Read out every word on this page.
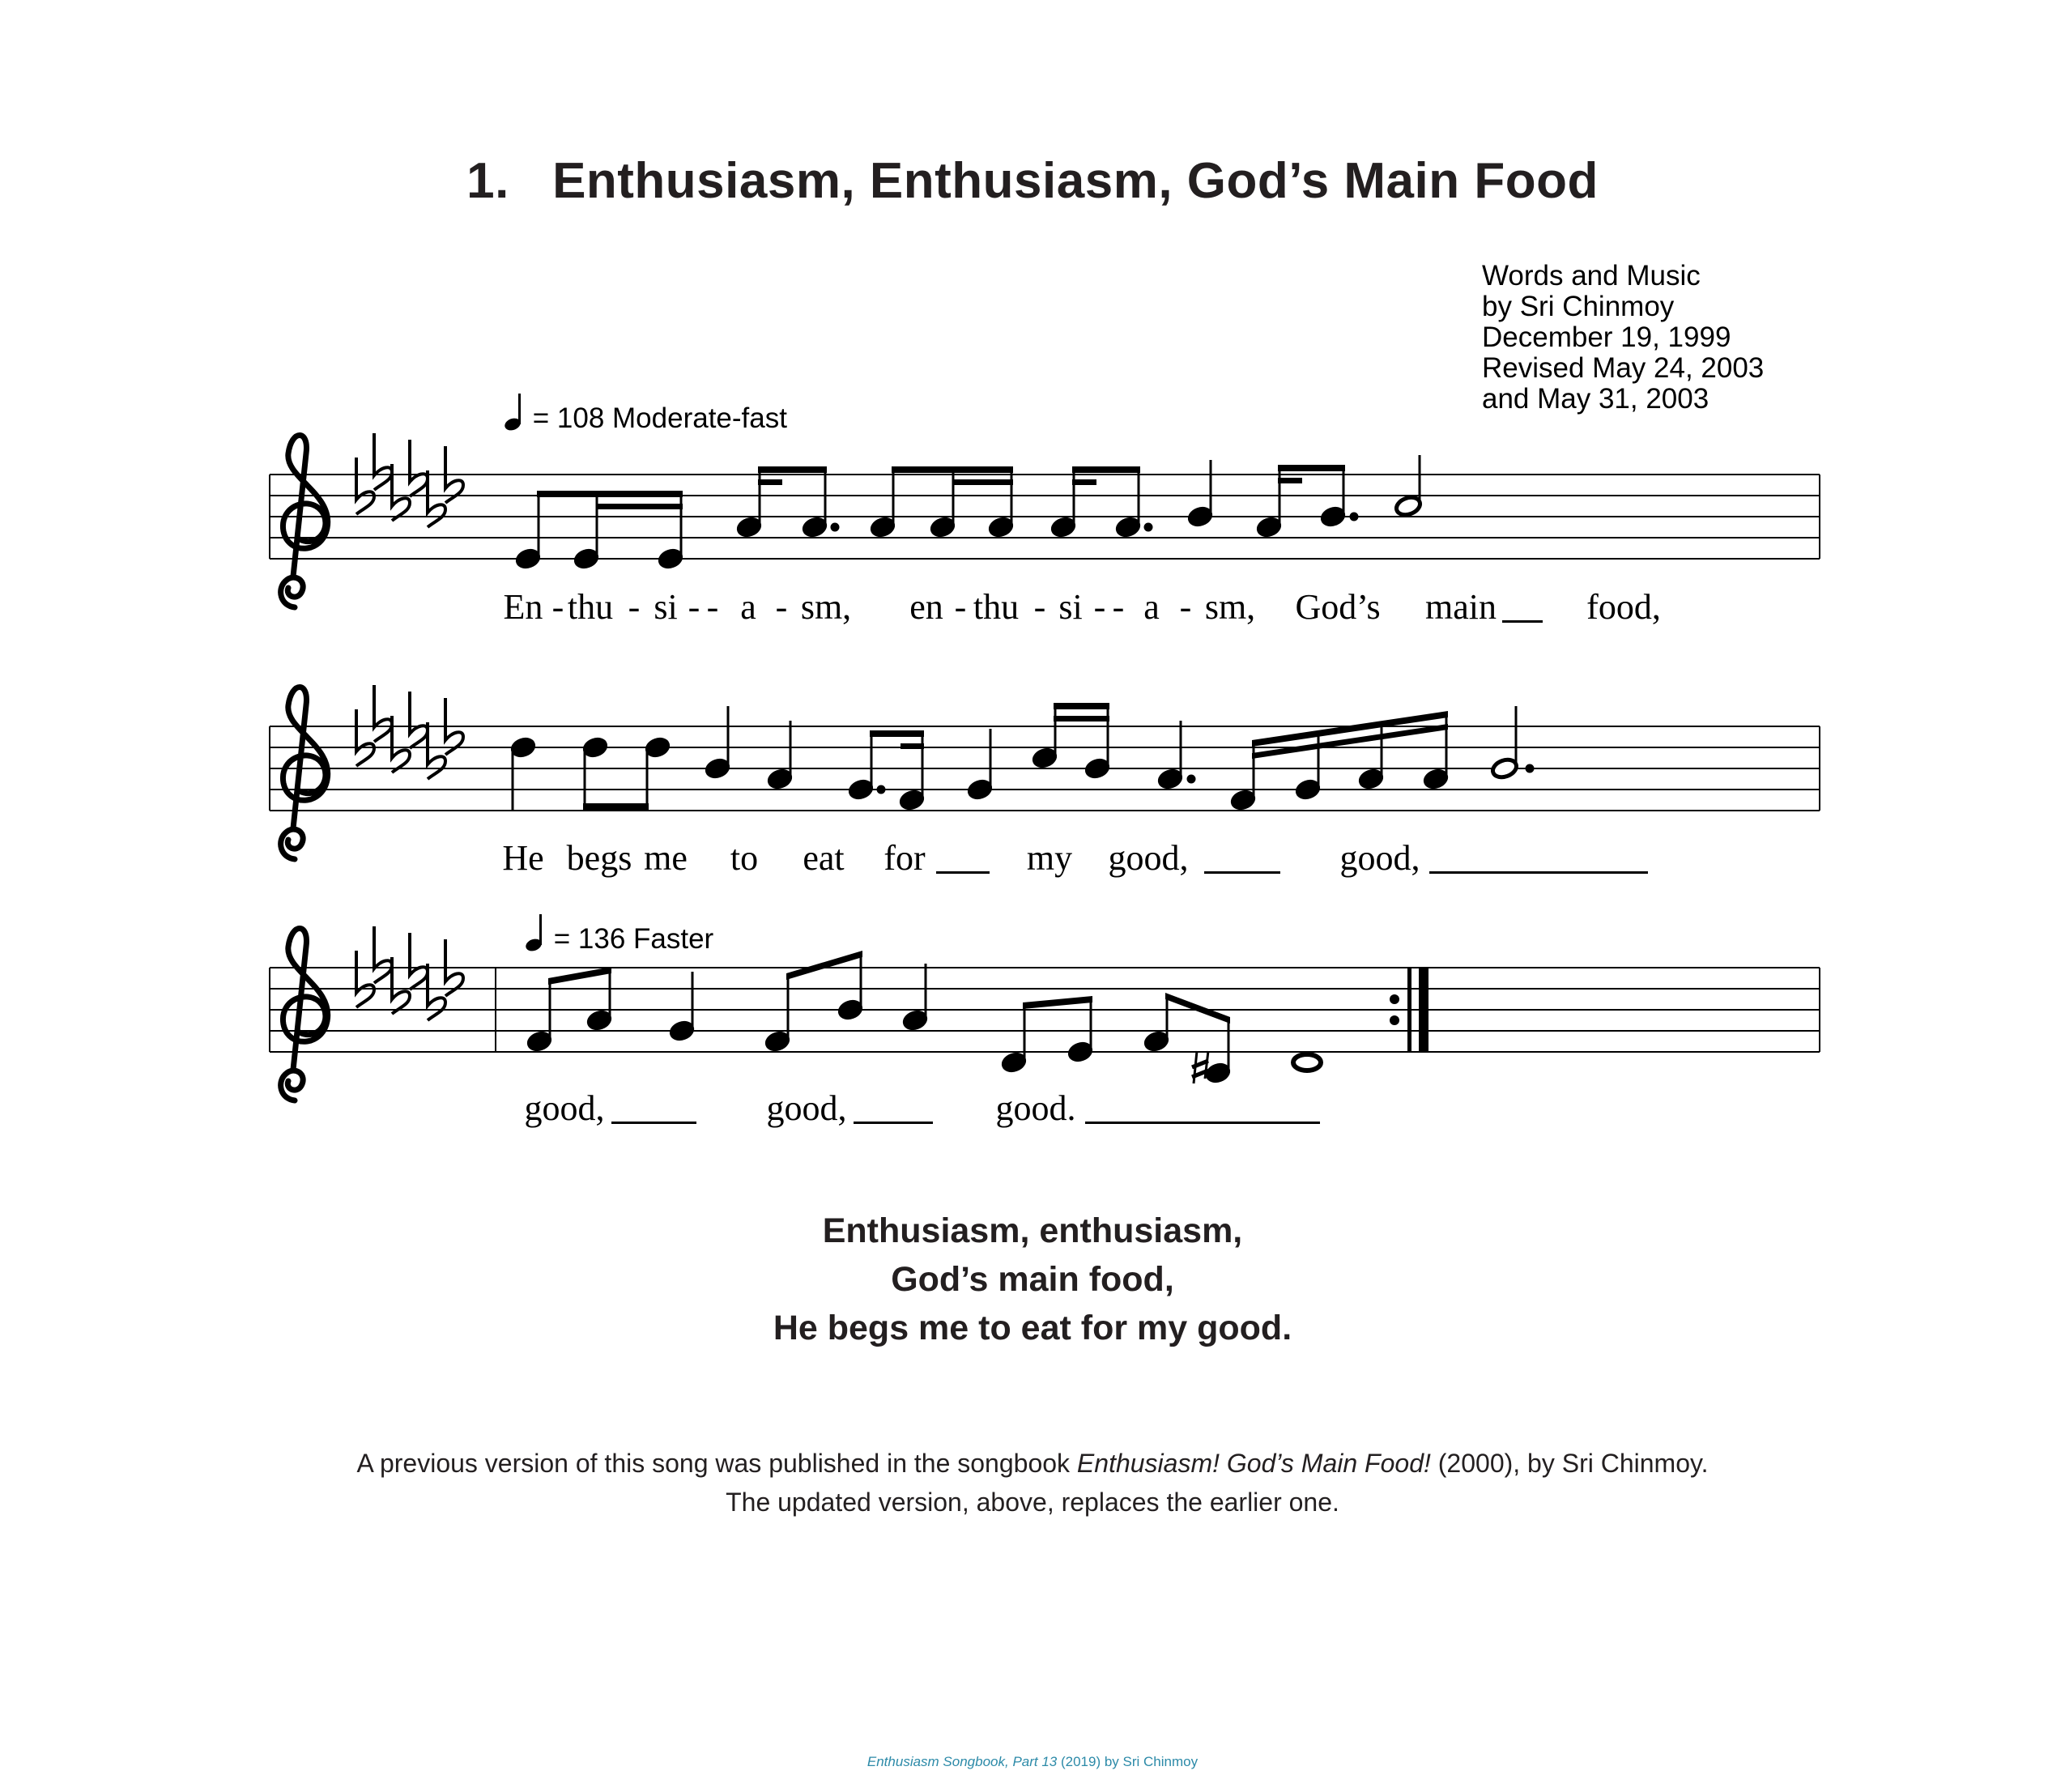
1. Enthusiasm, Enthusiasm, God’s Main Food
Words and Music
by Sri Chinmoy
December 19, 1999
Revised May 24, 2003
and May 31, 2003
= 108 Moderate-fast
= 136 Faster
En - thu - si - - a - sm, en - thu - si - - a - sm, God’s main	food,
He begs me to eat for	my good,	good,
good,	good,	good.
Enthusiasm, enthusiasm,
God’s main food,
He begs me to eat for my good.
A previous version of this song was published in the songbook Enthusiasm! God’s Main Food! (2000), by Sri Chinmoy.
The updated version, above, replaces the earlier one.
Enthusiasm Songbook, Part 13 (2019) by Sri Chinmoy
